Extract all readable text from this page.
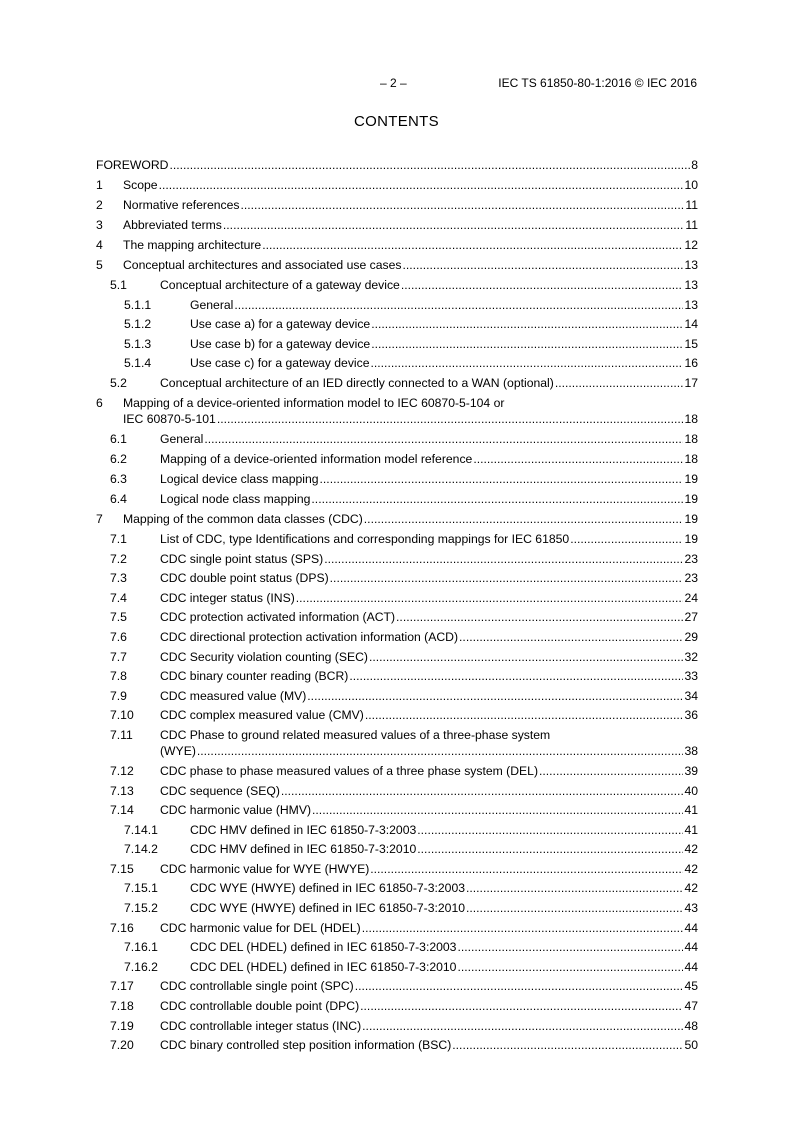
– 2 –	IEC TS 61850-80-1:2016 © IEC 2016
CONTENTS
FOREWORD .....	8
1 Scope .....	10
2 Normative references .....	11
3 Abbreviated terms .....	11
4 The mapping architecture .....	12
5 Conceptual architectures and associated use cases .....	13
5.1	Conceptual architecture of a gateway device .....	13
5.1.1	General .....	13
5.1.2	Use case a) for a gateway device .....	14
5.1.3	Use case b) for a gateway device .....	15
5.1.4	Use case c) for a gateway device .....	16
5.2	Conceptual architecture of an IED directly connected to a WAN (optional) .....	17
6 Mapping of a device-oriented information model to IEC 60870-5-104 or
IEC 60870-5-101 .....	18
6.1	General .....	18
6.2	Mapping of a device-oriented information model reference .....	18
6.3	Logical device class mapping .....	19
6.4	Logical node class mapping .....	19
7 Mapping of the common data classes (CDC) .....	19
7.1	List of CDC, type Identifications and corresponding mappings for IEC 61850 .....	19
7.2	CDC single point status (SPS) .....	23
7.3	CDC double point status (DPS) .....	23
7.4	CDC integer status (INS) .....	24
7.5	CDC protection activated information (ACT) .....	27
7.6	CDC directional protection activation information (ACD) .....	29
7.7	CDC Security violation counting (SEC) .....	32
7.8	CDC binary counter reading (BCR) .....	33
7.9	CDC measured value (MV) .....	34
7.10 CDC complex measured value (CMV) .....	36
7.11 CDC Phase to ground related measured values of a three-phase system
(WYE) .....	38
7.12 CDC phase to phase measured values of a three phase system (DEL) .....	39
7.13 CDC sequence (SEQ) .....	40
7.14 CDC harmonic value (HMV) .....	41
7.14.1	CDC HMV defined in IEC 61850-7-3:2003 .....	41
7.14.2	CDC HMV defined in IEC 61850-7-3:2010 .....	42
7.15 CDC harmonic value for WYE (HWYE) .....	42
7.15.1	CDC WYE (HWYE) defined in IEC 61850-7-3:2003 .....	42
7.15.2	CDC WYE (HWYE) defined in IEC 61850-7-3:2010 .....	43
7.16 CDC harmonic value for DEL (HDEL) .....	44
7.16.1	CDC DEL (HDEL) defined in IEC 61850-7-3:2003 .....	44
7.16.2	CDC DEL (HDEL) defined in IEC 61850-7-3:2010 .....	44
7.17 CDC controllable single point (SPC) .....	45
7.18 CDC controllable double point (DPC) .....	47
7.19 CDC controllable integer status (INC) .....	48
7.20 CDC binary controlled step position information (BSC) .....	50
